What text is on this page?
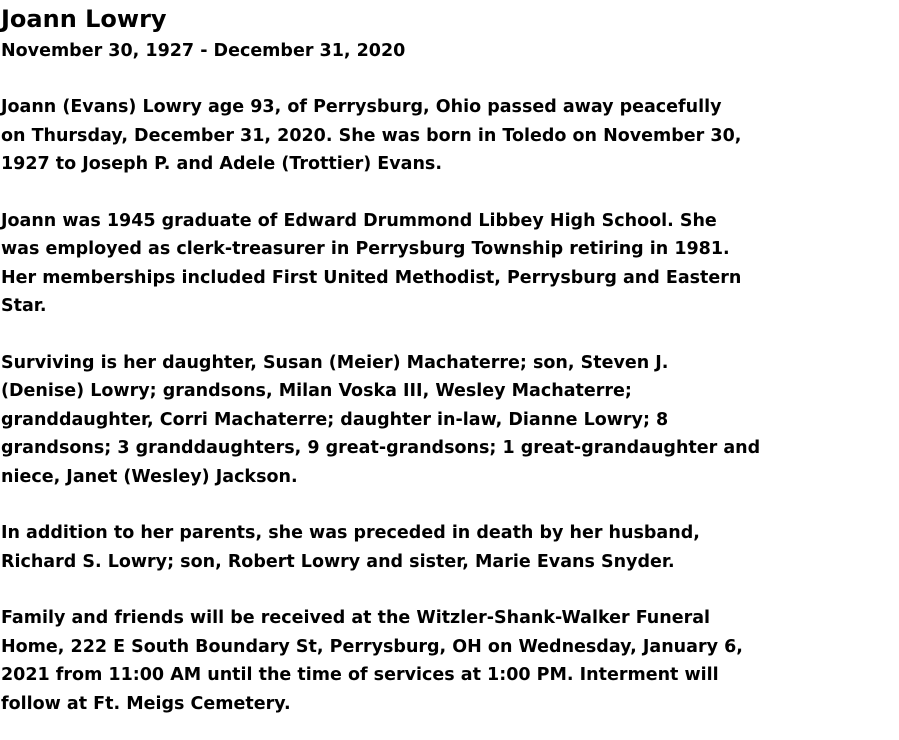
Joann Lowry
November 30, 1927 - December 31, 2020
Joann (Evans) Lowry age 93, of Perrysburg, Ohio passed away peacefully
on Thursday, December 31, 2020. She was born in Toledo on November 30,
1927 to Joseph P. and Adele (Trottier) Evans.
Joann was 1945 graduate of Edward Drummond Libbey High School. She
was employed as clerk-treasurer in Perrysburg Township retiring in 1981.
Her memberships included First United Methodist, Perrysburg and Eastern
Star.
Surviving is her daughter, Susan (Meier) Machaterre; son, Steven J.
(Denise) Lowry; grandsons, Milan Voska III, Wesley Machaterre;
granddaughter, Corri Machaterre; daughter in-law, Dianne Lowry; 8
grandsons; 3 granddaughters, 9 great-grandsons; 1 great-grandaughter and
niece, Janet (Wesley) Jackson.
In addition to her parents, she was preceded in death by her husband,
Richard S. Lowry; son, Robert Lowry and sister, Marie Evans Snyder.
Family and friends will be received at the Witzler-Shank-Walker Funeral
Home, 222 E South Boundary St, Perrysburg, OH on Wednesday, January 6,
2021 from 11:00 AM until the time of services at 1:00 PM. Interment will
follow at Ft. Meigs Cemetery.
